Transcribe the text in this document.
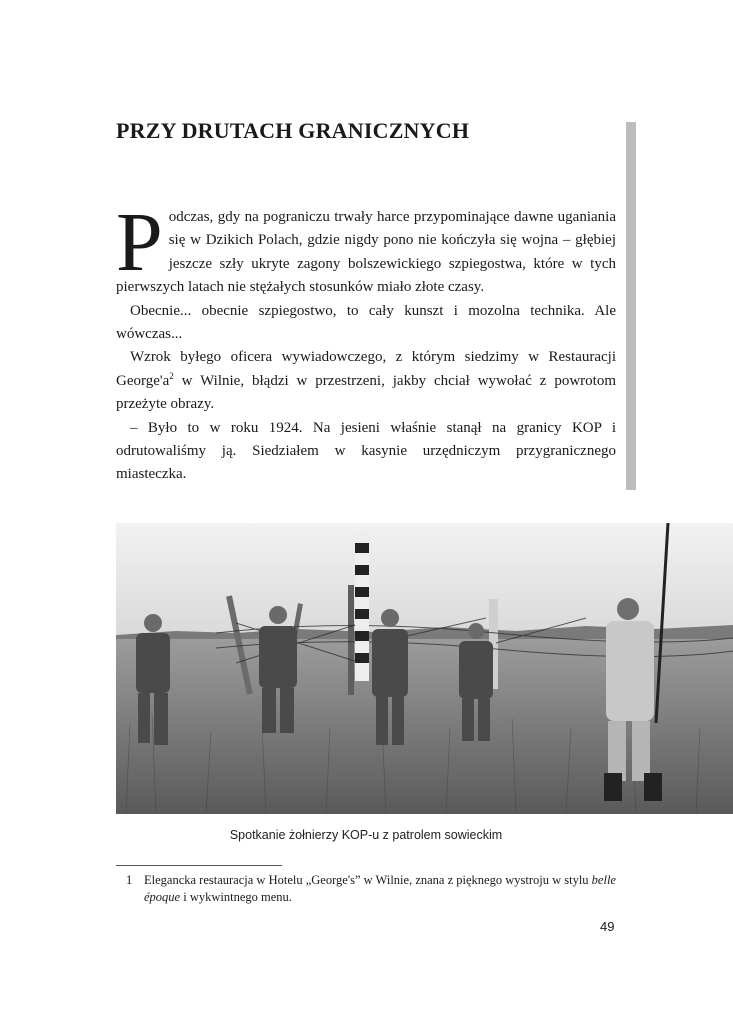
PRZY DRUTACH GRANICZNYCH

Podczas, gdy na pograniczu trwały harce przypominające dawne uganiania się w Dzikich Polach, gdzie nigdy pono nie kończyła się wojna – głębiej jeszcze szły ukryte zagony bolszewickiego szpiegostwa, które w tych pierwszych latach nie stężałych stosunków miało złote czasy.

Obecnie... obecnie szpiegostwo, to cały kunszt i mozolna technika. Ale wówczas...

Wzrok byłego oficera wywiadowczego, z którym siedzimy w Restauracji $George'a^2$ w Wilnie, błądzi w przestrzeni, jakby chciał wywołać z powrotom przeżyte obrazy.

– Było to w roku 1924. Na jesieni właśnie stanął na granicy KOP i odrutowaliśmy ją. Siedziałem w kasynie urzędniczym przygranicznego miasteczka.

Spotkanie żołnierzy KOP-u z patrolem sowieckim
1 Elegancka restauracja w Hotelu „George's” w Wilnie, znana z pięknego wystroju w stylu belle époque i wykwintnego menu.
49
